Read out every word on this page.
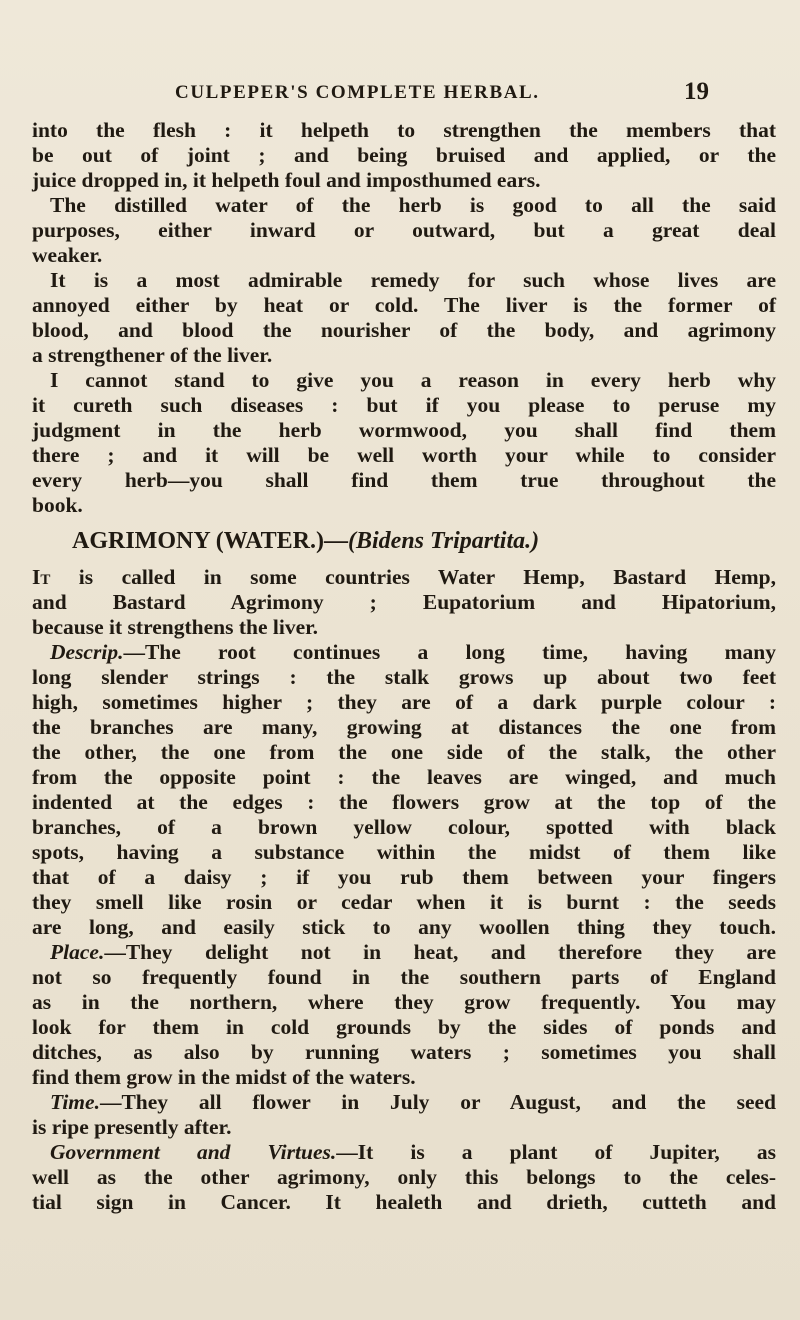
CULPEPER'S COMPLETE HERBAL.	19
into the flesh : it helpeth to strengthen the members that
be out of joint ; and being bruised and applied, or the
juice dropped in, it helpeth foul and imposthumed ears.
The distilled water of the herb is good to all the said
purposes, either inward or outward, but a great deal
weaker.
It is a most admirable remedy for such whose lives are
annoyed either by heat or cold. The liver is the former of
blood, and blood the nourisher of the body, and agrimony
a strengthener of the liver.
I cannot stand to give you a reason in every herb why
it cureth such diseases : but if you please to peruse my
judgment in the herb wormwood, you shall find them
there ; and it will be well worth your while to consider
every herb—you shall find them true throughout the
book.
AGRIMONY (WATER.)—(Bidens Tripartita.)
It is called in some countries Water Hemp, Bastard Hemp,
and Bastard Agrimony ; Eupatorium and Hipatorium,
because it strengthens the liver.
Descrip.—The root continues a long time, having many
long slender strings : the stalk grows up about two feet
high, sometimes higher ; they are of a dark purple colour :
the branches are many, growing at distances the one from
the other, the one from the one side of the stalk, the other
from the opposite point : the leaves are winged, and much
indented at the edges : the flowers grow at the top of the
branches, of a brown yellow colour, spotted with black
spots, having a substance within the midst of them like
that of a daisy ; if you rub them between your fingers
they smell like rosin or cedar when it is burnt : the seeds
are long, and easily stick to any woollen thing they touch.
Place.—They delight not in heat, and therefore they are
not so frequently found in the southern parts of England
as in the northern, where they grow frequently. You may
look for them in cold grounds by the sides of ponds and
ditches, as also by running waters ; sometimes you shall
find them grow in the midst of the waters.
Time.—They all flower in July or August, and the seed
is ripe presently after.
Government and Virtues.—It is a plant of Jupiter, as
well as the other agrimony, only this belongs to the celes-
tial sign in Cancer. It healeth and drieth, cutteth and
